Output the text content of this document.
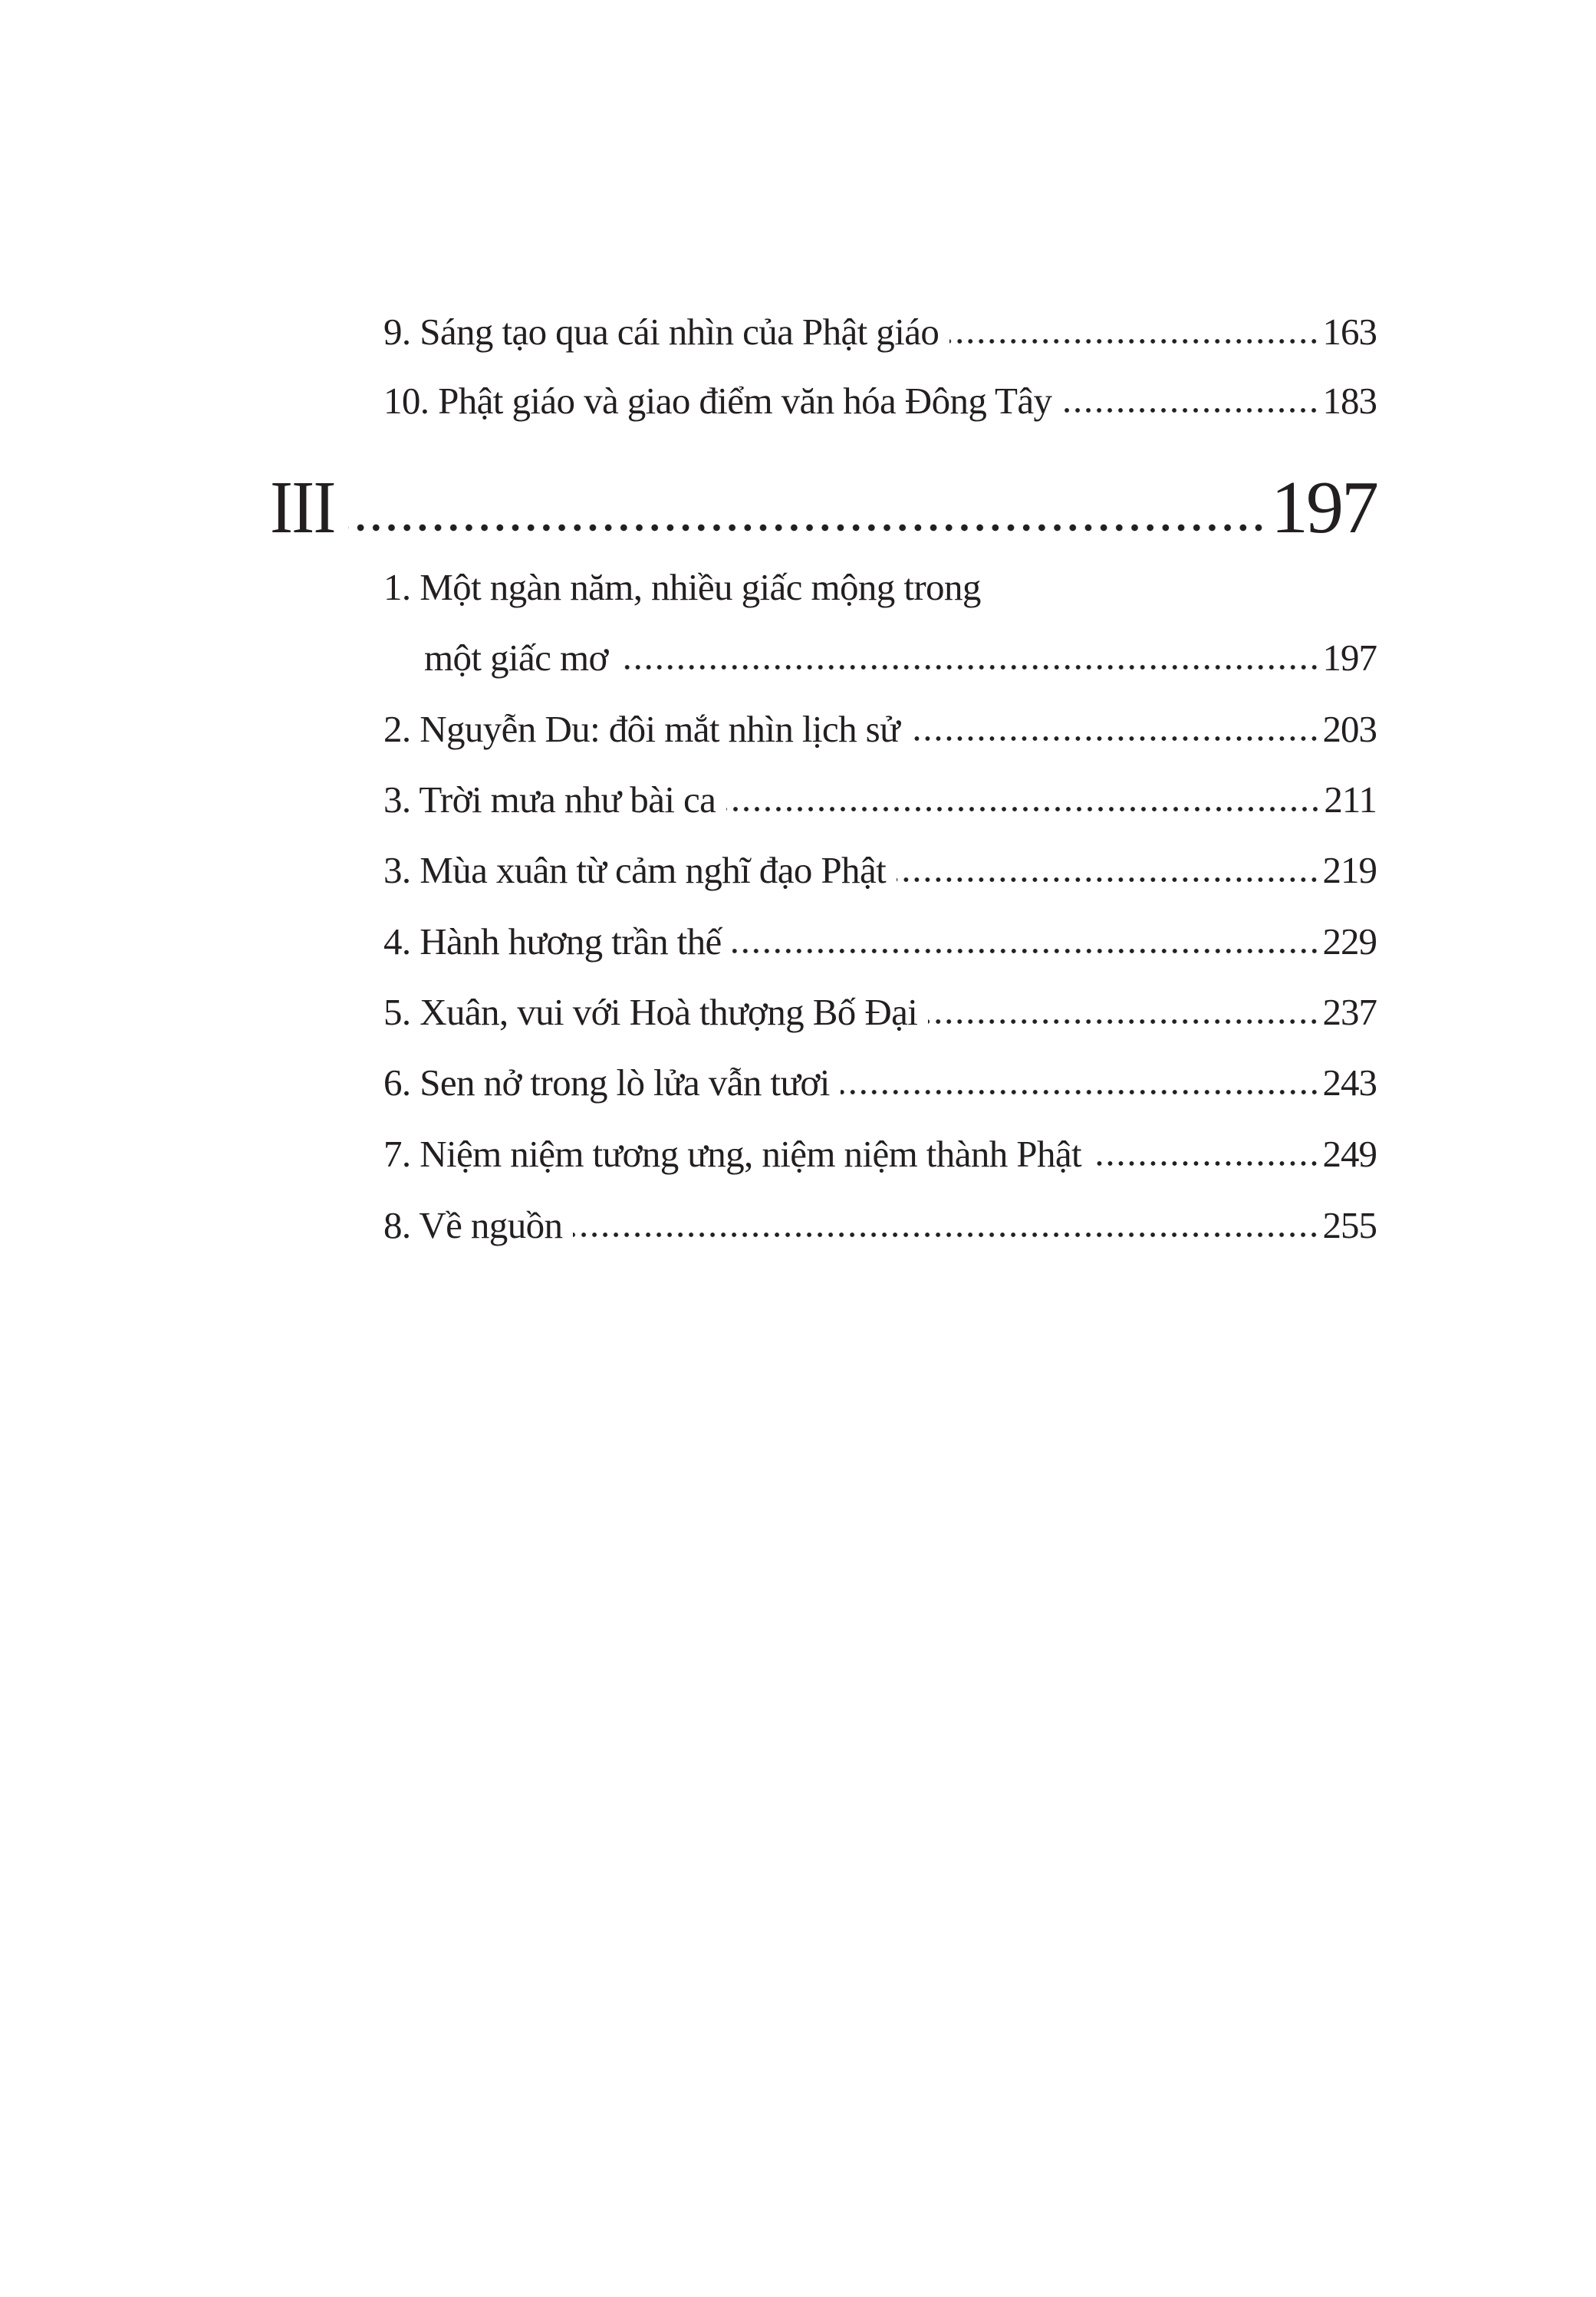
9. Sáng tạo qua cái nhìn của Phật giáo	163
10. Phật giáo và giao điểm văn hóa Đông Tây	183
III	197
1. Một ngàn năm, nhiều giấc mộng trong
một giấc mơ	197
2. Nguyễn Du: đôi mắt nhìn lịch sử	203
3. Trời mưa như bài ca	211
3. Mùa xuân từ cảm nghĩ đạo Phật	219
4. Hành hương trần thế	229
5. Xuân, vui với Hoà thượng Bố Đại	237
6. Sen nở trong lò lửa vẫn tươi	243
7. Niệm niệm tương ưng, niệm niệm thành Phật	249
8. Về nguồn	255
